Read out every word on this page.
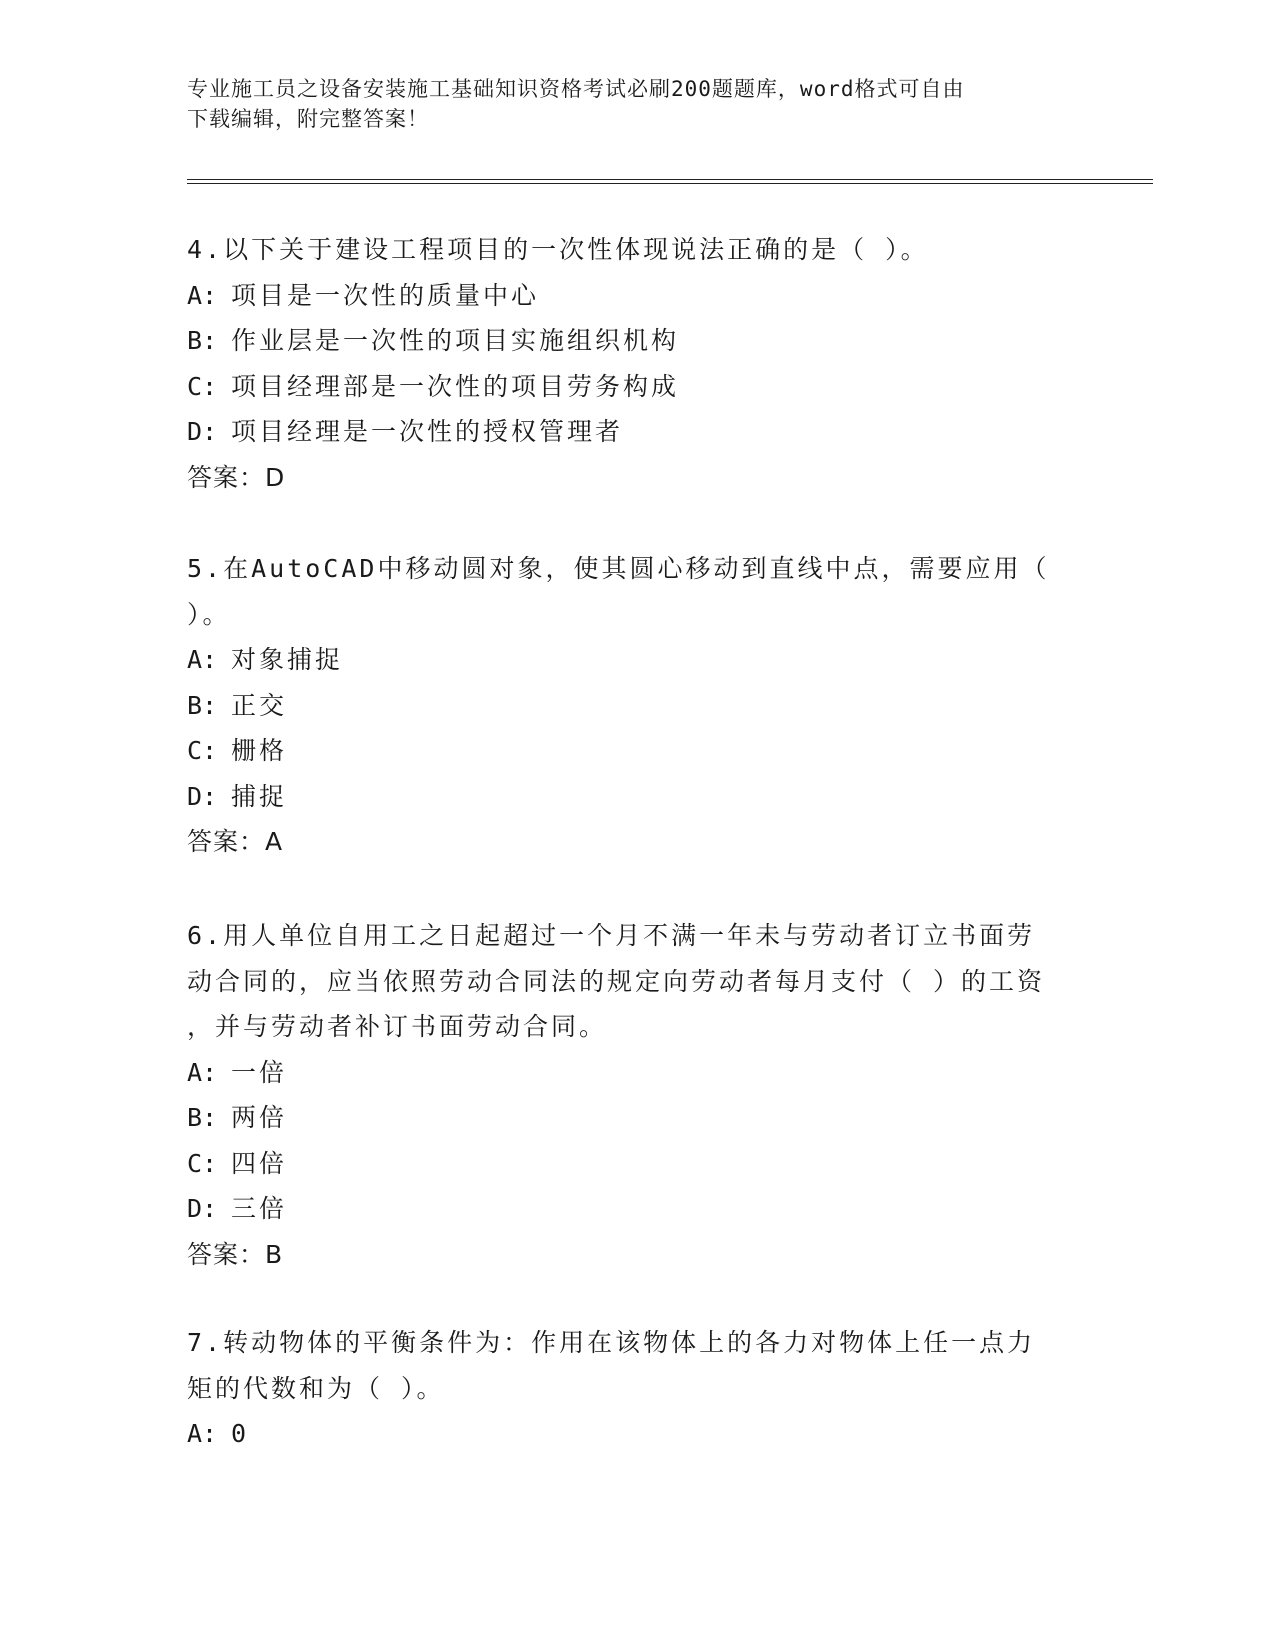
专业施工员之设备安装施工基础知识资格考试必刷200题题库，word格式可自由
下载编辑，附完整答案！

4.以下关于建设工程项目的一次性体现说法正确的是（ ）。

A: 项目是一次性的质量中心

B: 作业层是一次性的项目实施组织机构

C: 项目经理部是一次性的项目劳务构成

D: 项目经理是一次性的授权管理者

答案：D

5.在AutoCAD中移动圆对象，使其圆心移动到直线中点，需要应用（

）。

A: 对象捕捉

B: 正交

C: 栅格

D: 捕捉

答案：A

6.用人单位自用工之日起超过一个月不满一年未与劳动者订立书面劳

动合同的，应当依照劳动合同法的规定向劳动者每月支付（ ）的工资

，并与劳动者补订书面劳动合同。

A: 一倍

B: 两倍

C: 四倍

D: 三倍

答案：B

7.转动物体的平衡条件为：作用在该物体上的各力对物体上任一点力

矩的代数和为（ ）。

A: 0
